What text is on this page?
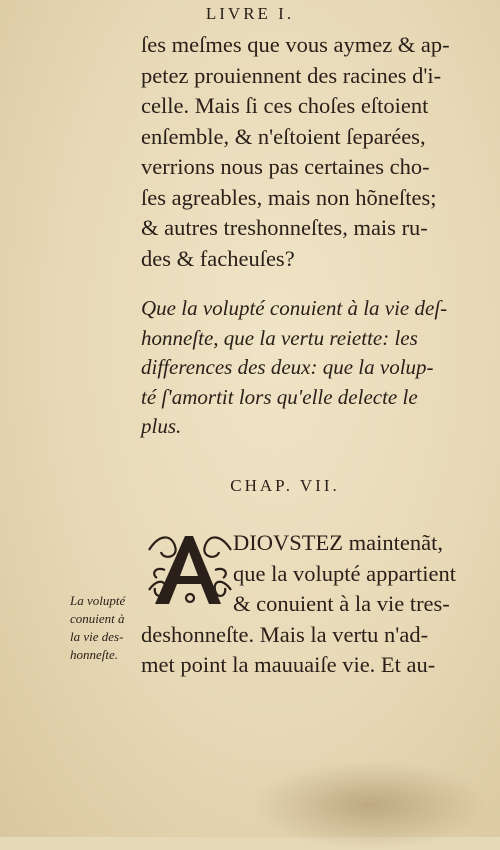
LIVRE I.
ſes meſmes que vous aymez & ap-
petez prouiennent des racines d'i-
celle. Mais ſi ces choſes eſtoient
enſemble, & n'eſtoient ſeparées,
verrions nous pas certaines cho-
ſes agreables, mais non hõneſtes;
& autres treshonneſtes, mais ru-
des & facheuſes?
Que la volupté conuient à la vie deſ-
honneſte, que la vertu reiette: les
differences des deux: que la volup-
té ſ'amortit lors qu'elle delecte le
plus.
CHAP. VII.
DIOVSTEZ maintenãt,
que la volupté appartient
& conuient à la vie tres-
deshonneſte. Mais la vertu n'ad-
met point la mauuaiſe vie. Et au-
La volupté
conuient à
la vie des-
honneſte.
